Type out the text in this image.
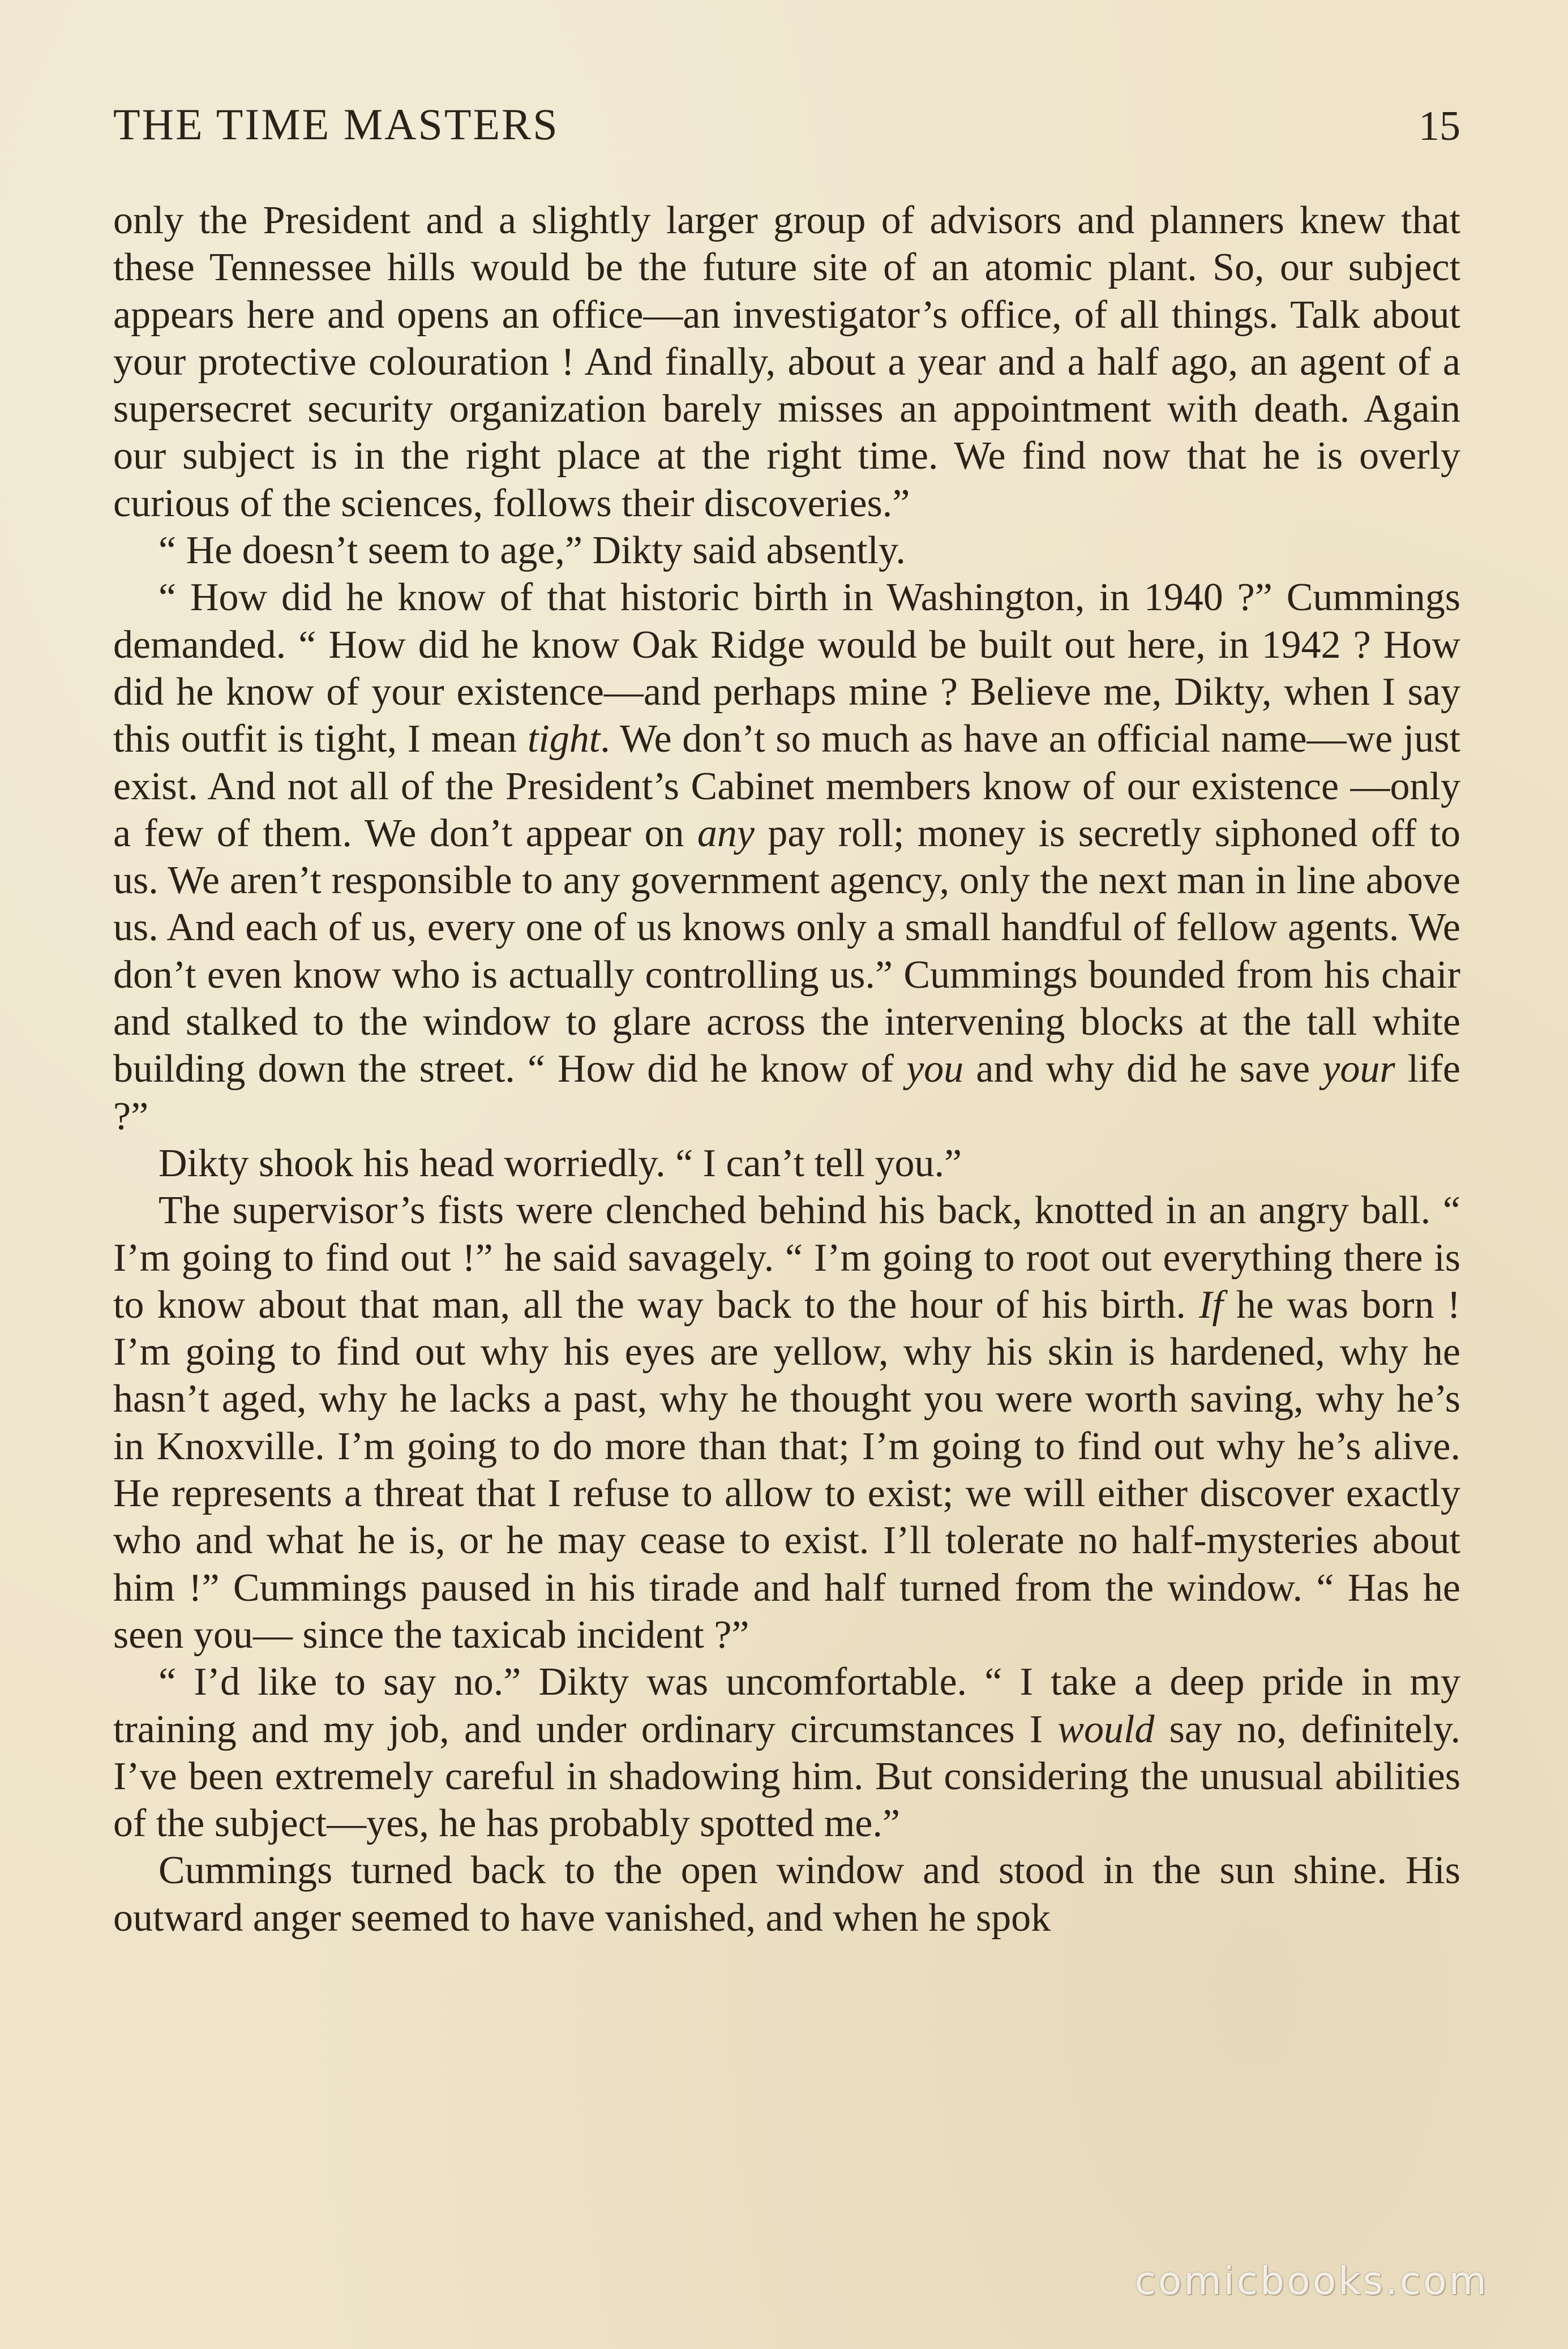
THE TIME MASTERS	15

only the President and a slightly larger group of advisors and planners knew that these Tennessee hills would be the future site of an atomic plant. So, our subject appears here and opens an office—an investigator’s office, of all things. Talk about your protective colouration ! And finally, about a year and a half ago, an agent of a supersecret security organization barely misses an appointment with death. Again our subject is in the right place at the right time. We find now that he is overly curious of the sciences, follows their discoveries.”

“ He doesn’t seem to age,” Dikty said absently.

“ How did he know of that historic birth in Washington, in 1940 ?” Cummings demanded. “ How did he know Oak Ridge would be built out here, in 1942 ? How did he know of your existence—and perhaps mine ? Believe me, Dikty, when I say this outfit is tight, I mean tight. We don’t so much as have an official name—we just exist. And not all of the President’s Cabinet members know of our existence —only a few of them. We don’t appear on any pay roll; money is secretly siphoned off to us. We aren’t responsible to any government agency, only the next man in line above us. And each of us, every one of us knows only a small handful of fellow agents. We don’t even know who is actually controlling us.” Cummings bounded from his chair and stalked to the window to glare across the intervening blocks at the tall white building down the street. “ How did he know of you and why did he save your life ?”

Dikty shook his head worriedly. “ I can’t tell you.”

The supervisor’s fists were clenched behind his back, knotted in an angry ball. “ I’m going to find out !” he said savagely. “ I’m going to root out everything there is to know about that man, all the way back to the hour of his birth. If he was born ! I’m going to find out why his eyes are yellow, why his skin is hardened, why he hasn’t aged, why he lacks a past, why he thought you were worth saving, why he’s in Knoxville. I’m going to do more than that; I’m going to find out why he’s alive. He represents a threat that I refuse to allow to exist; we will either discover exactly who and what he is, or he may cease to exist. I’ll tolerate no half-mysteries about him !” Cummings paused in his tirade and half turned from the window. “ Has he seen you— since the taxicab incident ?”

“ I’d like to say no.” Dikty was uncomfortable. “ I take a deep pride in my training and my job, and under ordinary circumstances I would say no, definitely. I’ve been extremely careful in shadowing him. But considering the unusual abilities of the subject—yes, he has probably spotted me.”

Cummings turned back to the open window and stood in the sun shine. His outward anger seemed to have vanished, and when he spok

comicbooks.com
